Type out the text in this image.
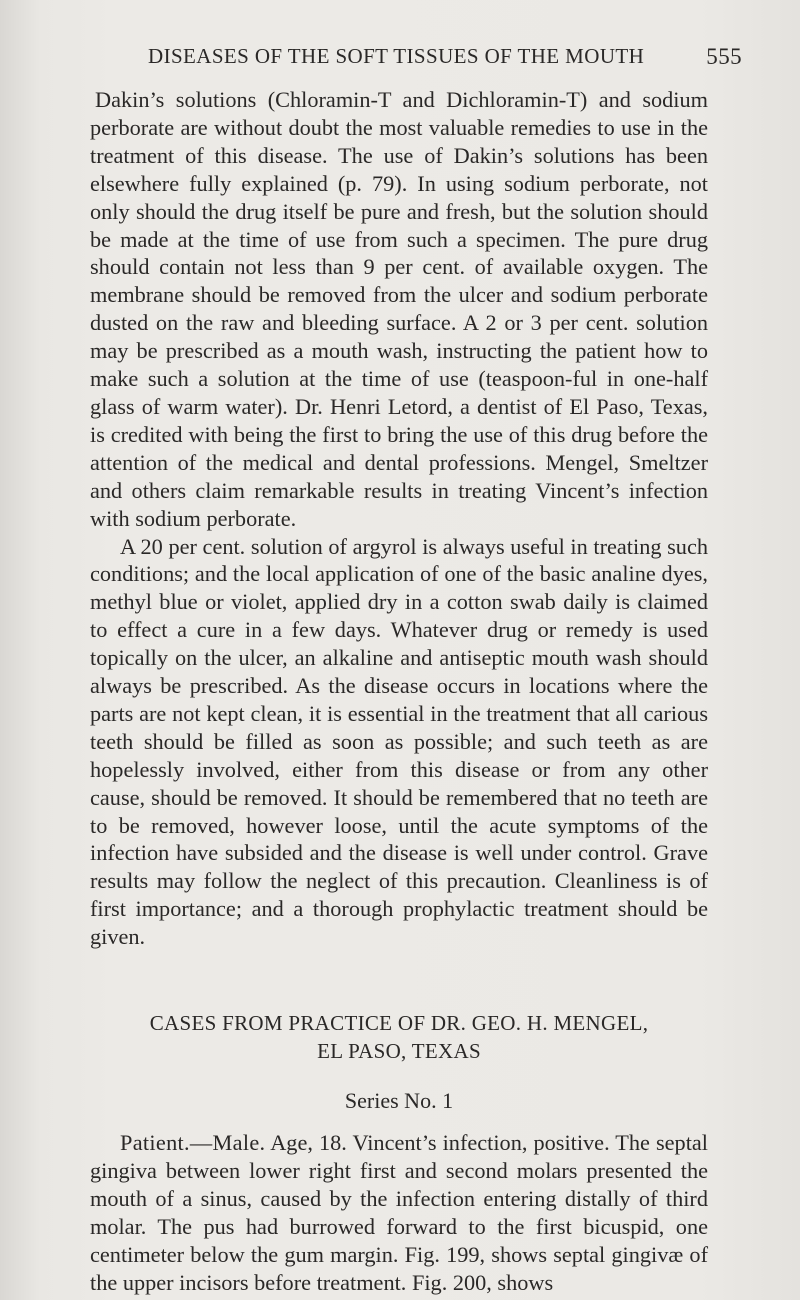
DISEASES OF THE SOFT TISSUES OF THE MOUTH	555

Dakin’s solutions (Chloramin-T and Dichloramin-T) and sodium perborate are without doubt the most valuable remedies to use in the treatment of this disease. The use of Dakin’s solutions has been elsewhere fully explained (p. 79). In using sodium perborate, not only should the drug itself be pure and fresh, but the solution should be made at the time of use from such a specimen. The pure drug should contain not less than 9 per cent. of available oxygen. The membrane should be removed from the ulcer and sodium perborate dusted on the raw and bleeding surface. A 2 or 3 per cent. solution may be prescribed as a mouth wash, instructing the patient how to make such a solution at the time of use (teaspoon-ful in one-half glass of warm water). Dr. Henri Letord, a dentist of El Paso, Texas, is credited with being the first to bring the use of this drug before the attention of the medical and dental professions. Mengel, Smeltzer and others claim remarkable results in treating Vincent’s infection with sodium perborate.

A 20 per cent. solution of argyrol is always useful in treating such conditions; and the local application of one of the basic analine dyes, methyl blue or violet, applied dry in a cotton swab daily is claimed to effect a cure in a few days. Whatever drug or remedy is used topically on the ulcer, an alkaline and antiseptic mouth wash should always be prescribed. As the disease occurs in locations where the parts are not kept clean, it is essential in the treatment that all carious teeth should be filled as soon as possible; and such teeth as are hopelessly involved, either from this disease or from any other cause, should be removed. It should be remembered that no teeth are to be removed, however loose, until the acute symptoms of the infection have subsided and the disease is well under control. Grave results may follow the neglect of this precaution. Cleanliness is of first importance; and a thorough prophylactic treatment should be given.

CASES FROM PRACTICE OF DR. GEO. H. MENGEL,
EL PASO, TEXAS
Series No. 1

Patient.—Male. Age, 18. Vincent’s infection, positive. The septal gingiva between lower right first and second molars presented the mouth of a sinus, caused by the infection entering distally of third molar. The pus had burrowed forward to the first bicuspid, one centimeter below the gum margin. Fig. 199, shows septal gingivæ of the upper incisors before treatment. Fig. 200, shows
